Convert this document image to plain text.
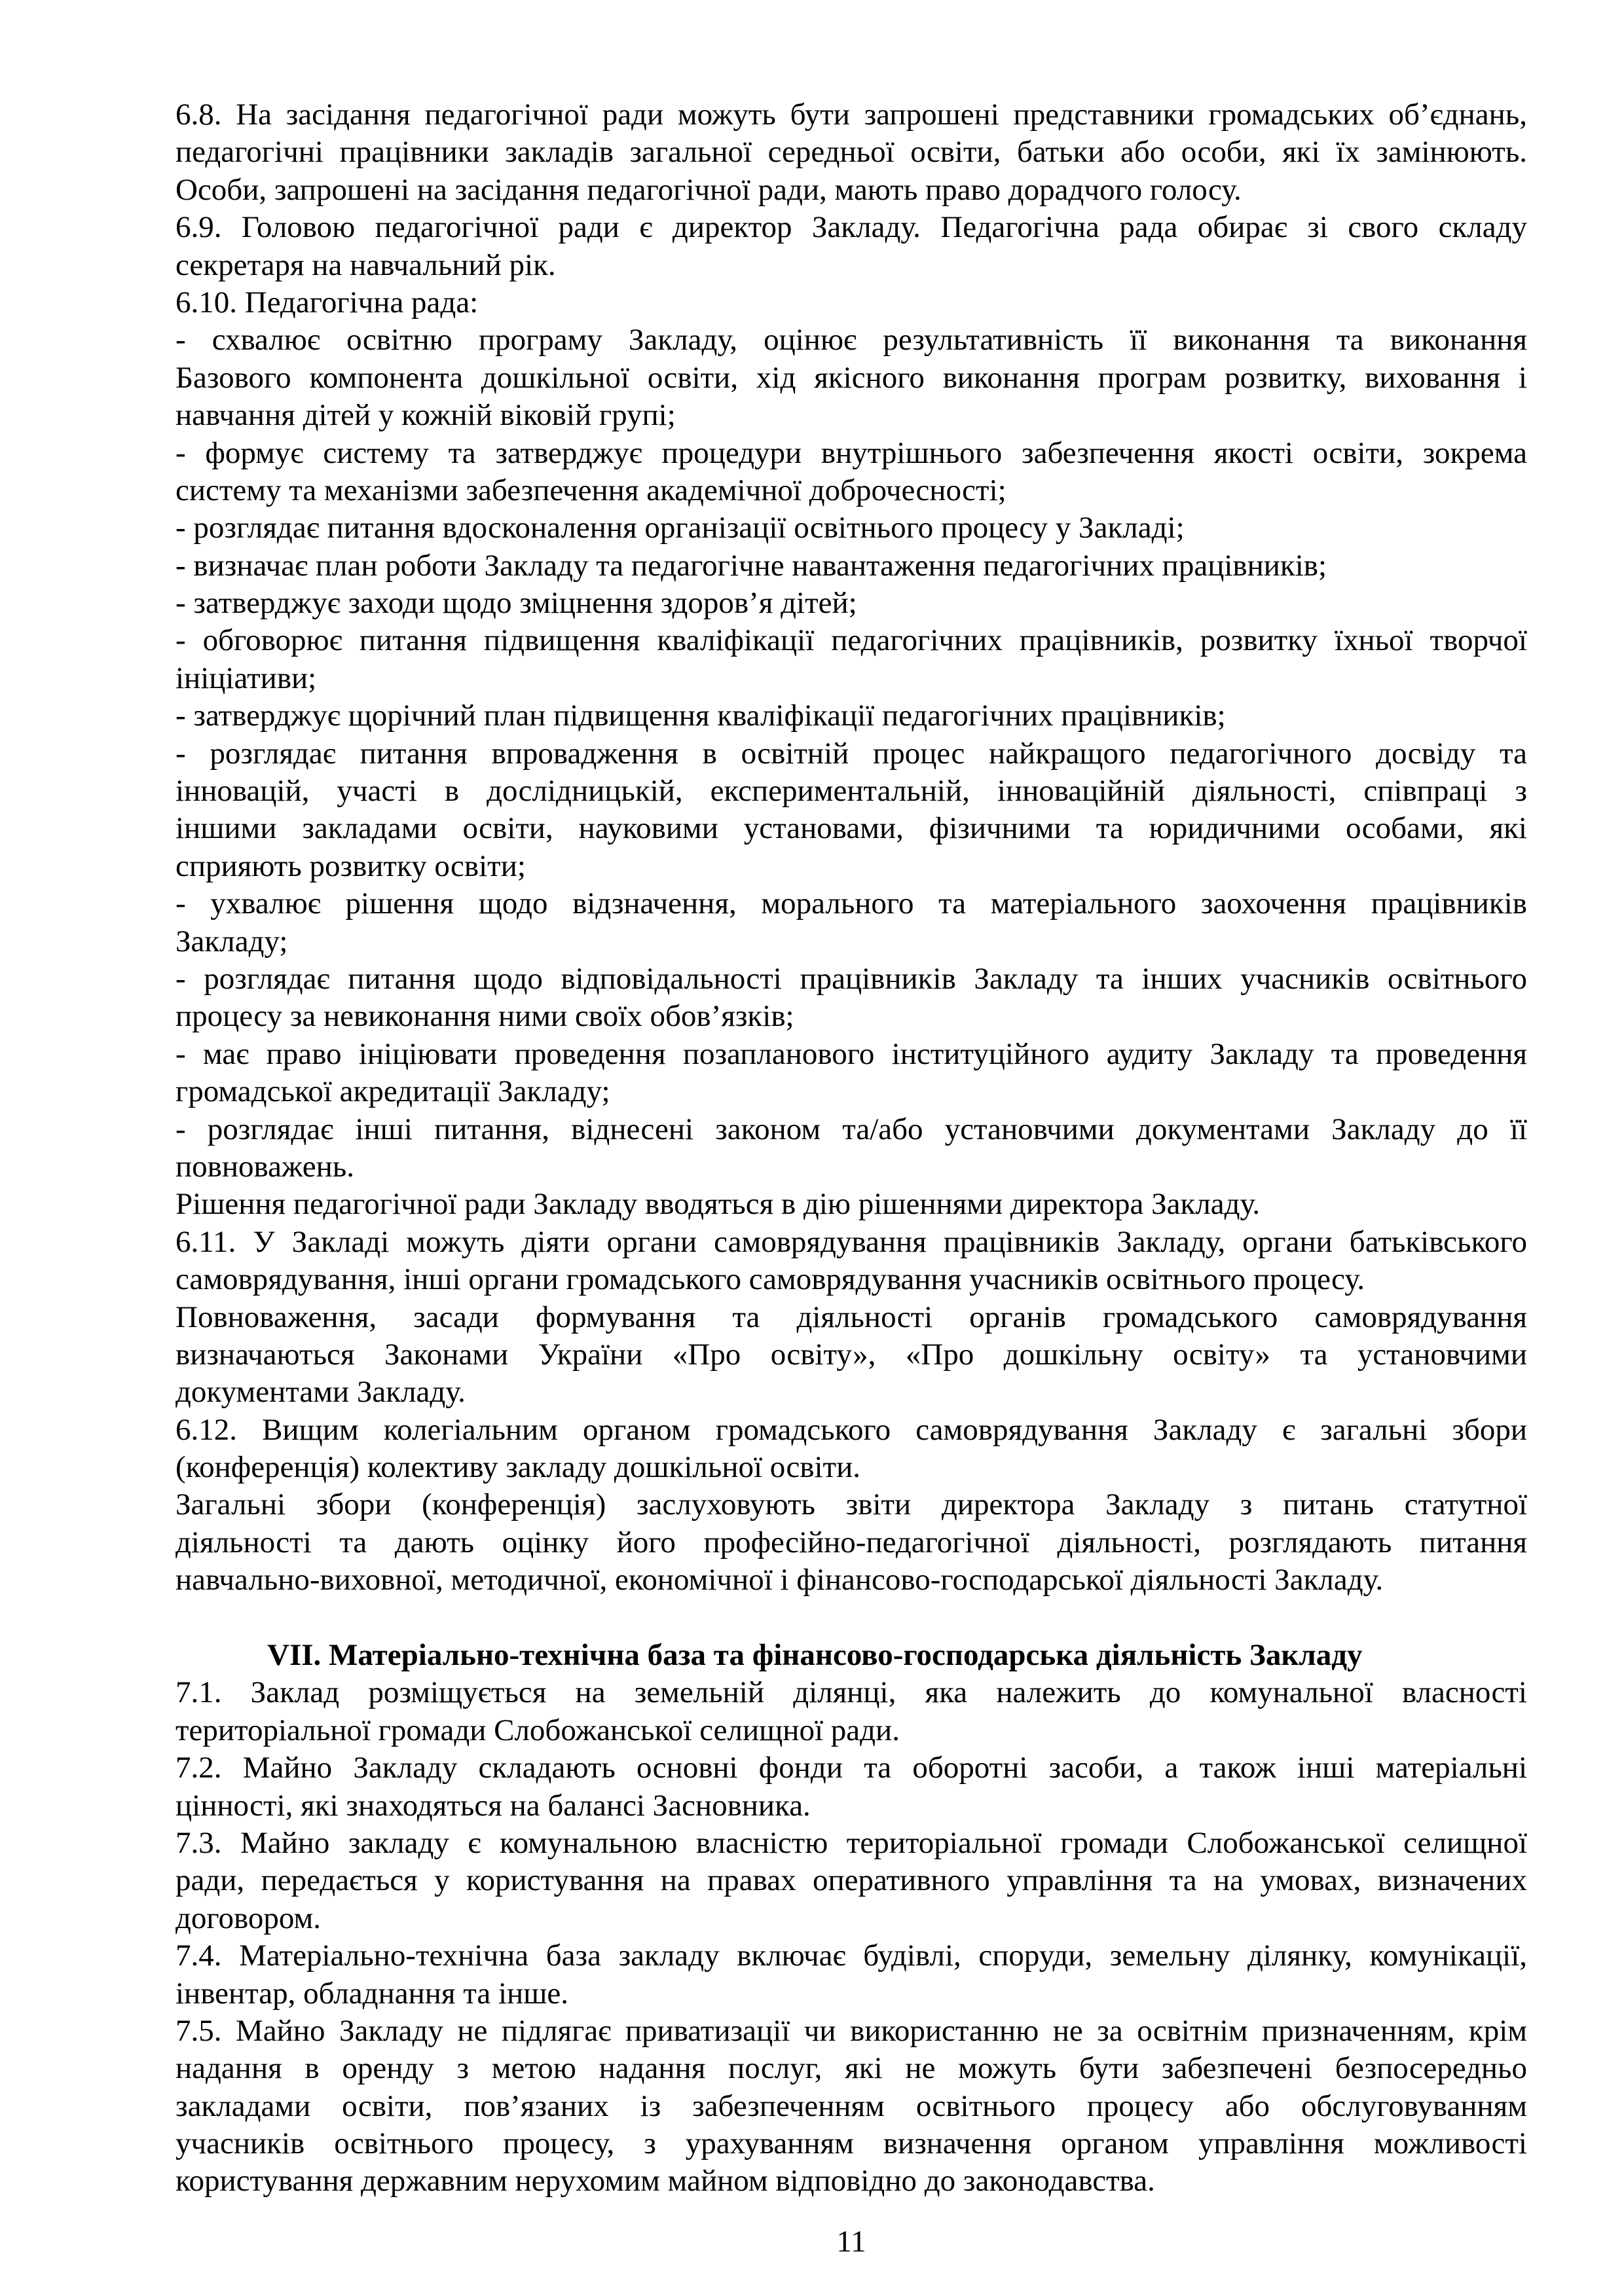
6.8. На засідання педагогічної ради можуть бути запрошені представники громадських об’єднань,
педагогічні працівники закладів загальної середньої освіти, батьки або особи, які їх замінюють.
Особи, запрошені на засідання педагогічної ради, мають право дорадчого голосу.
6.9. Головою педагогічної ради є директор Закладу. Педагогічна рада обирає зі свого складу
секретаря на навчальний рік.
6.10. Педагогічна рада:
- схвалює освітню програму Закладу, оцінює результативність її виконання та виконання
Базового компонента дошкільної освіти, хід якісного виконання програм розвитку, виховання і
навчання дітей у кожній віковій групі;
- формує систему та затверджує процедури внутрішнього забезпечення якості освіти, зокрема
систему та механізми забезпечення академічної доброчесності;
- розглядає питання вдосконалення організації освітнього процесу у Закладі;
- визначає план роботи Закладу та педагогічне навантаження педагогічних працівників;
- затверджує заходи щодо зміцнення здоров’я дітей;
- обговорює питання підвищення кваліфікації педагогічних працівників, розвитку їхньої творчої
ініціативи;
- затверджує щорічний план підвищення кваліфікації педагогічних працівників;
- розглядає питання впровадження в освітній процес найкращого педагогічного досвіду та
інновацій, участі в дослідницькій, експериментальній, інноваційній діяльності, співпраці з
іншими закладами освіти, науковими установами, фізичними та юридичними особами, які
сприяють розвитку освіти;
- ухвалює рішення щодо відзначення, морального та матеріального заохочення працівників
Закладу;
- розглядає питання щодо відповідальності працівників Закладу та інших учасників освітнього
процесу за невиконання ними своїх обов’язків;
- має право ініціювати проведення позапланового інституційного аудиту Закладу та проведення
громадської акредитації Закладу;
- розглядає інші питання, віднесені законом та/або установчими документами Закладу до її
повноважень.
Рішення педагогічної ради Закладу вводяться в дію рішеннями директора Закладу.
6.11. У Закладі можуть діяти органи самоврядування працівників Закладу, органи батьківського
самоврядування, інші органи громадського самоврядування учасників освітнього процесу.
Повноваження, засади формування та діяльності органів громадського самоврядування
визначаються Законами України «Про освіту», «Про дошкільну освіту» та установчими
документами Закладу.
6.12. Вищим колегіальним органом громадського самоврядування Закладу є загальні збори
(конференція) колективу закладу дошкільної освіти.
Загальні збори (конференція) заслуховують звіти директора Закладу з питань статутної
діяльності та дають оцінку його професійно-педагогічної діяльності, розглядають питання
навчально-виховної, методичної, економічної і фінансово-господарської діяльності Закладу.
VII. Матеріально-технічна база та фінансово-господарська діяльність Закладу
7.1. Заклад розміщується на земельній ділянці, яка належить до комунальної власності
територіальної громади Слобожанської селищної ради.
7.2. Майно Закладу складають основні фонди та оборотні засоби, а також інші матеріальні
цінності, які знаходяться на балансі Засновника.
7.3. Майно закладу є комунальною власністю територіальної громади Слобожанської селищної
ради, передається у користування на правах оперативного управління та на умовах, визначених
договором.
7.4. Матеріально-технічна база закладу включає будівлі, споруди, земельну ділянку, комунікації,
інвентар, обладнання та інше.
7.5. Майно Закладу не підлягає приватизації чи використанню не за освітнім призначенням, крім
надання в оренду з метою надання послуг, які не можуть бути забезпечені безпосередньо
закладами освіти, пов’язаних із забезпеченням освітнього процесу або обслуговуванням
учасників освітнього процесу, з урахуванням визначення органом управління можливості
користування державним нерухомим майном відповідно до законодавства.
11
